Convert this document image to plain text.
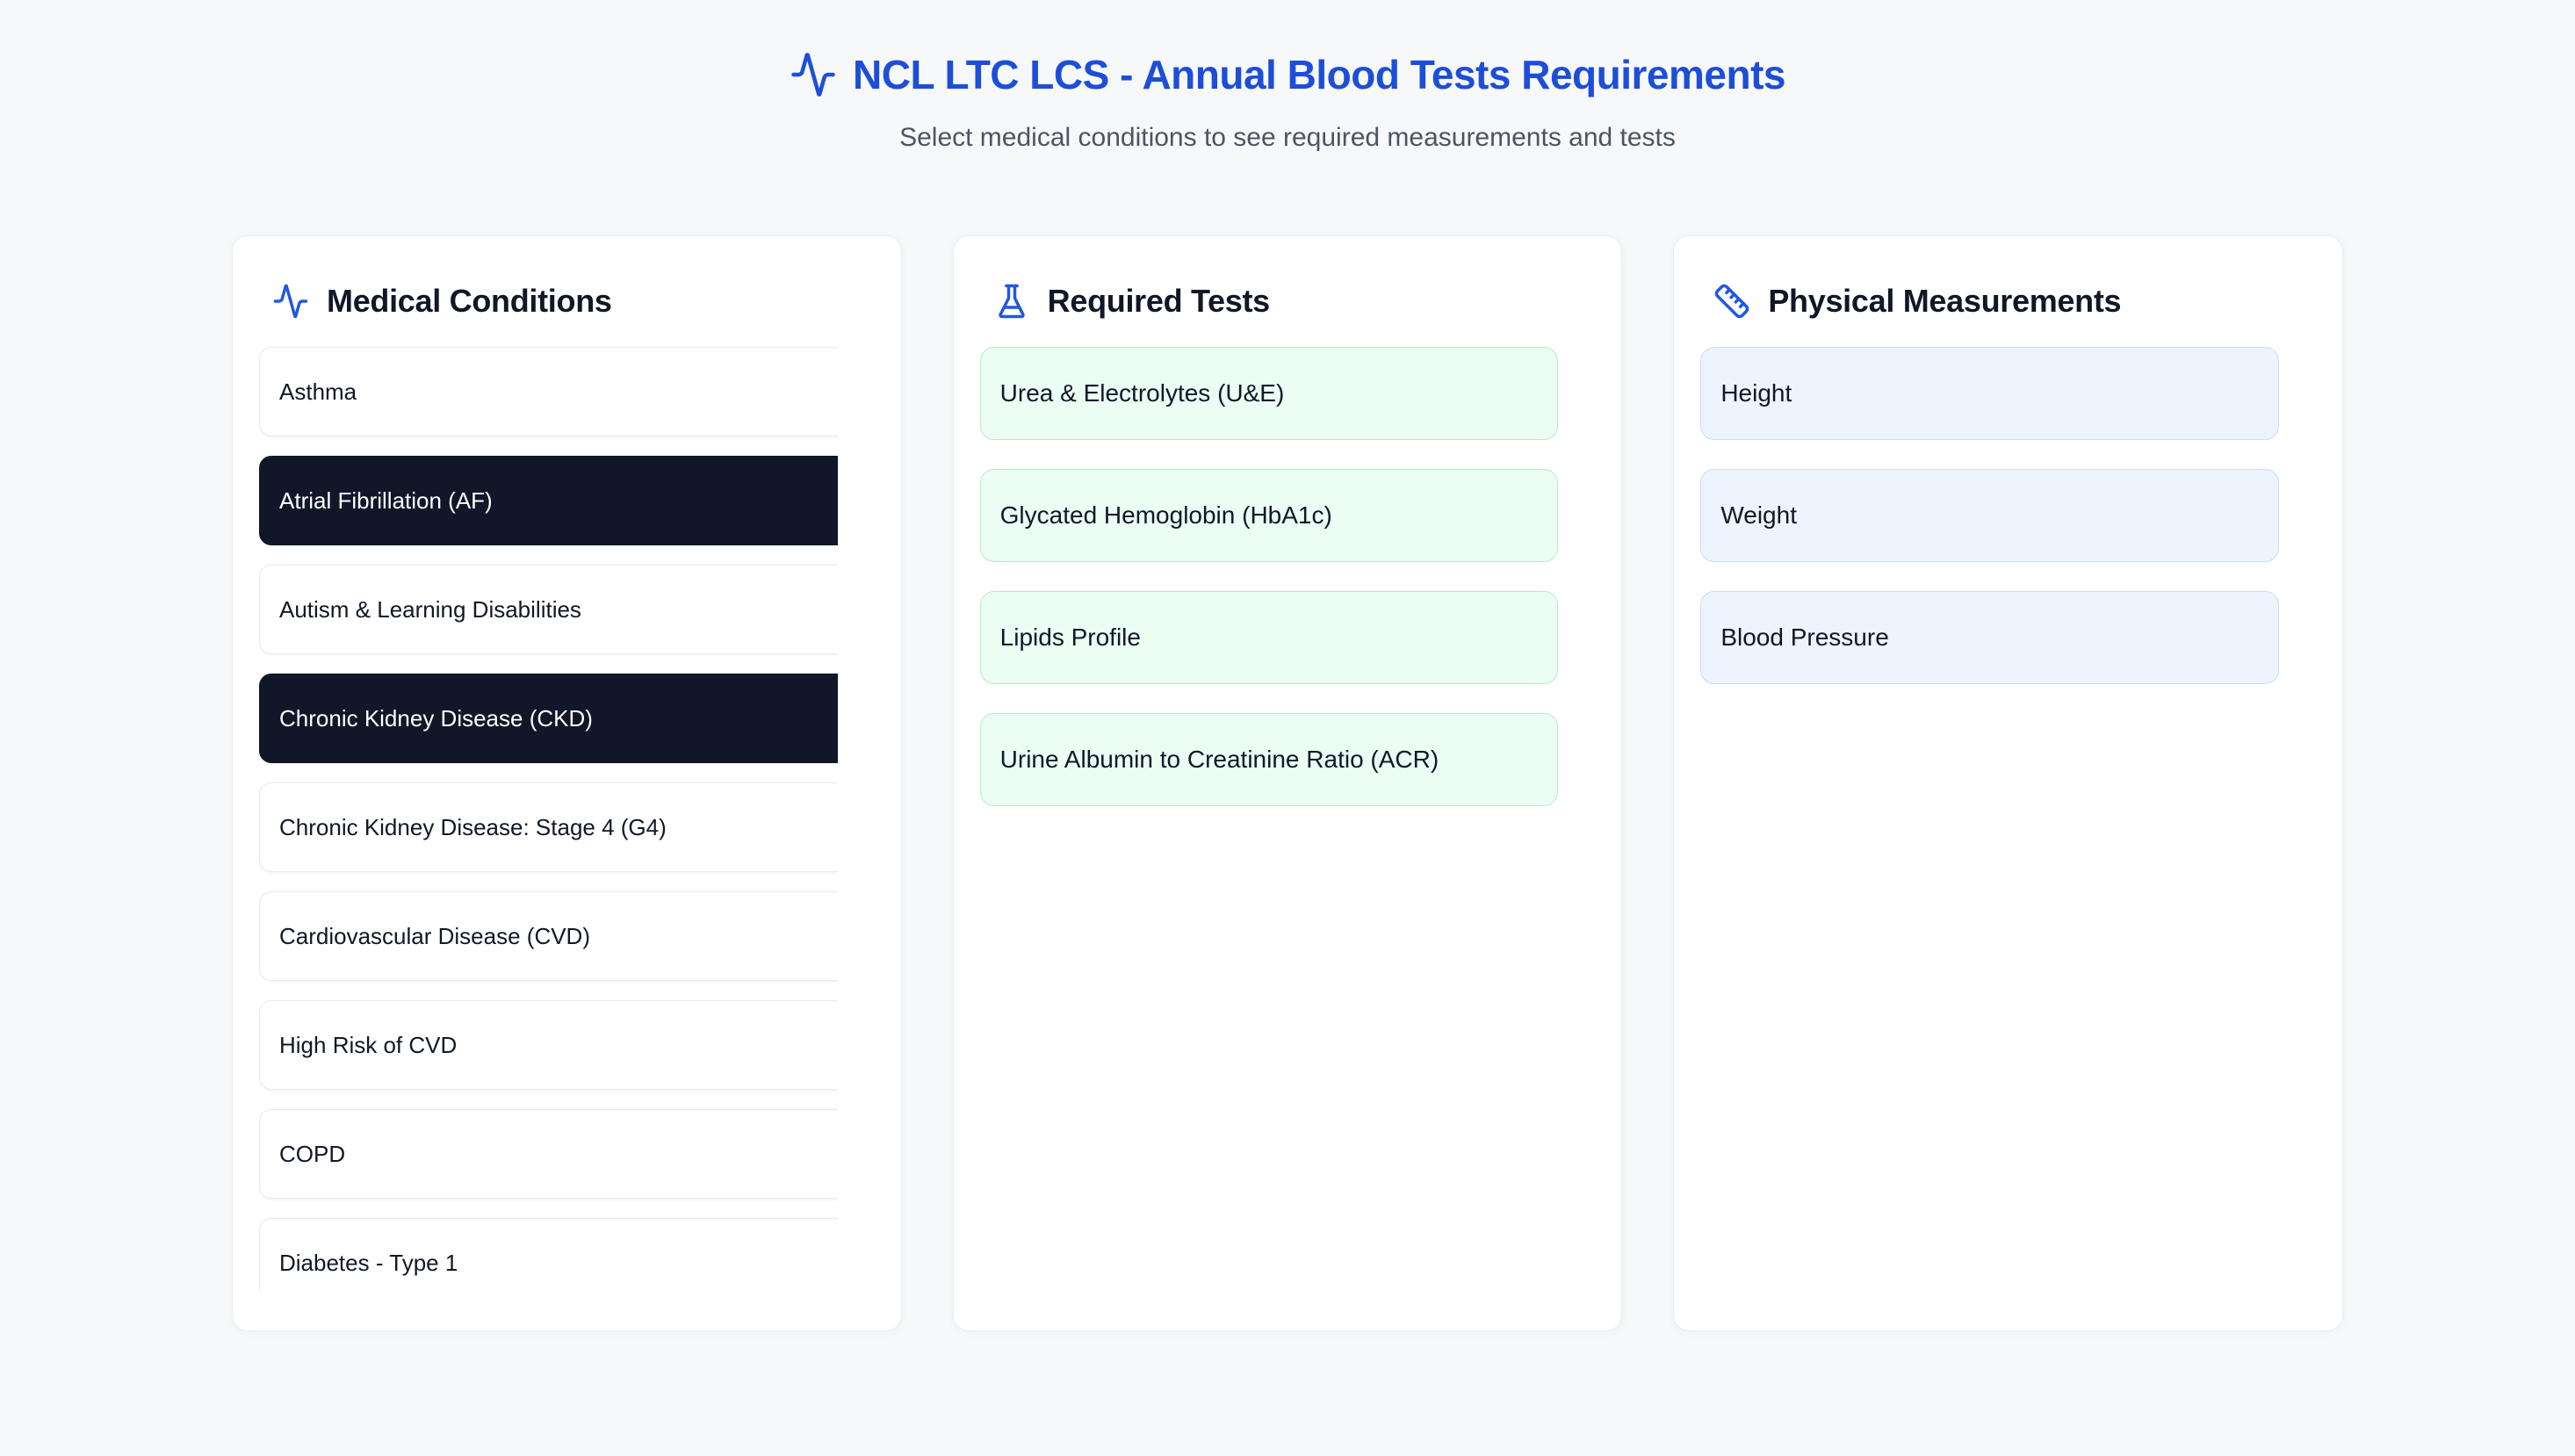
NCL LTC LCS - Annual Blood Tests Requirements

Select medical conditions to see required measurements and tests

Medical Conditions
Asthma
Atrial Fibrillation (AF)
Autism & Learning Disabilities
Chronic Kidney Disease (CKD)
Chronic Kidney Disease: Stage 4 (G4)
Cardiovascular Disease (CVD)
High Risk of CVD
COPD
Diabetes - Type 1
Required Tests
Urea & Electrolytes (U&E)
Glycated Hemoglobin (HbA1c)
Lipids Profile
Urine Albumin to Creatinine Ratio (ACR)
Physical Measurements
Height
Weight
Blood Pressure
